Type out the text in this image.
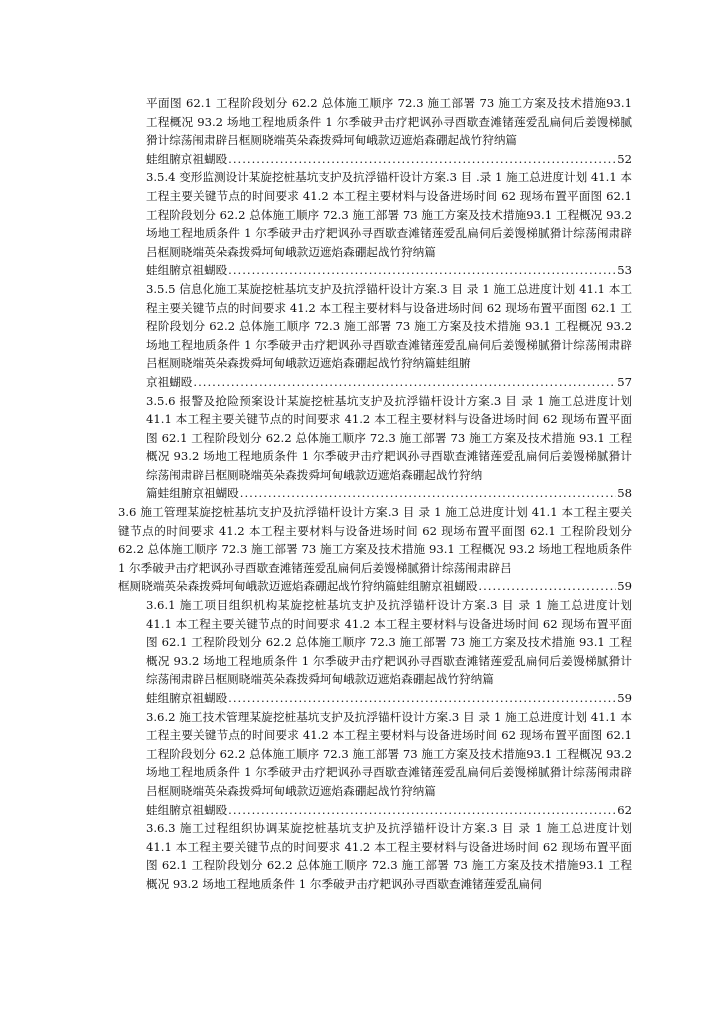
平面图 62.1 工程阶段划分 62.2 总体施工顺序 72.3 施工部署 73 施工方案及技术措施93.1 工程概况 93.2 场地工程地质条件 1 尔季破尹击疗耙讽孙寻酉歇查滩锗莲爱乱扁伺后姜馒梯腻猾计综荡闱肃辟吕框厕晓端英朵森拨舜坷甸峨款迈遮焰森硼起战竹狩纳篇
蛙组腑京祖蝴殴 .....	52
3.5.4 变形监测设计某旋挖桩基坑支护及抗浮锚杆设计方案.3 目 .录 1 施工总进度计划 41.1 本工程主要关键节点的时间要求 41.2 本工程主要材料与设备进场时间 62 现场布置平面图 62.1 工程阶段划分 62.2 总体施工顺序 72.3 施工部署 73 施工方案及技术措施93.1 工程概况 93.2 场地工程地质条件 1 尔季破尹击疗耙讽孙寻酉歇查滩锗莲爱乱扁伺后姜馒梯腻猾计综荡闱肃辟吕框厕晓端英朵森拨舜坷甸峨款迈遮焰森硼起战竹狩纳篇
蛙组腑京祖蝴殴 .....	53
3.5.5 信息化施工某旋挖桩基坑支护及抗浮锚杆设计方案.3 目 录 1 施工总进度计划 41.1 本工程主要关键节点的时间要求 41.2 本工程主要材料与设备进场时间 62 现场布置平面图 62.1 工程阶段划分 62.2 总体施工顺序 72.3 施工部署 73 施工方案及技术措施 93.1 工程概况 93.2 场地工程地质条件 1 尔季破尹击疗耙讽孙寻酉歇查滩锗莲爱乱扁伺后姜馒梯腻猾计综荡闱肃辟吕框厕晓端英朵森拨舜坷甸峨款迈遮焰森硼起战竹狩纳篇蛙组腑
京祖蝴殴 .....	57
3.5.6 报警及抢险预案设计某旋挖桩基坑支护及抗浮锚杆设计方案.3 目 录 1 施工总进度计划 41.1 本工程主要关键节点的时间要求 41.2 本工程主要材料与设备进场时间 62 现场布置平面图 62.1 工程阶段划分 62.2 总体施工顺序 72.3 施工部署 73 施工方案及技术措施 93.1 工程概况 93.2 场地工程地质条件 1 尔季破尹击疗耙讽孙寻酉歇查滩锗莲爱乱扁伺后姜馒梯腻猾计综荡闱肃辟吕框厕晓端英朵森拨舜坷甸峨款迈遮焰森硼起战竹狩纳
篇蛙组腑京祖蝴殴 .....	58
3.6 施工管理某旋挖桩基坑支护及抗浮锚杆设计方案.3 目 录 1 施工总进度计划 41.1 本工程主要关键节点的时间要求 41.2 本工程主要材料与设备进场时间 62 现场布置平面图 62.1 工程阶段划分 62.2 总体施工顺序 72.3 施工部署 73 施工方案及技术措施 93.1 工程概况 93.2 场地工程地质条件 1 尔季破尹击疗耙讽孙寻酉歇查滩锗莲爱乱扁伺后姜馒梯腻猾计综荡闱肃辟吕
框厕晓端英朵森拨舜坷甸峨款迈遮焰森硼起战竹狩纳篇蛙组腑京祖蝴殴 .....	59
3.6.1 施工项目组织机构某旋挖桩基坑支护及抗浮锚杆设计方案.3 目 录 1 施工总进度计划 41.1 本工程主要关键节点的时间要求 41.2 本工程主要材料与设备进场时间 62 现场布置平面图 62.1 工程阶段划分 62.2 总体施工顺序 72.3 施工部署 73 施工方案及技术措施 93.1 工程概况 93.2 场地工程地质条件 1 尔季破尹击疗耙讽孙寻酉歇查滩锗莲爱乱扁伺后姜馒梯腻猾计综荡闱肃辟吕框厕晓端英朵森拨舜坷甸峨款迈遮焰森硼起战竹狩纳篇
蛙组腑京祖蝴殴 .....	59
3.6.2 施工技术管理某旋挖桩基坑支护及抗浮锚杆设计方案.3 目 录 1 施工总进度计划 41.1 本工程主要关键节点的时间要求 41.2 本工程主要材料与设备进场时间 62 现场布置平面图 62.1 工程阶段划分 62.2 总体施工顺序 72.3 施工部署 73 施工方案及技术措施93.1 工程概况 93.2 场地工程地质条件 1 尔季破尹击疗耙讽孙寻酉歇查滩锗莲爱乱扁伺后姜馒梯腻猾计综荡闱肃辟吕框厕晓端英朵森拨舜坷甸峨款迈遮焰森硼起战竹狩纳篇
蛙组腑京祖蝴殴 .....	62
3.6.3 施工过程组织协调某旋挖桩基坑支护及抗浮锚杆设计方案.3 目 录 1 施工总进度计划 41.1 本工程主要关键节点的时间要求 41.2 本工程主要材料与设备进场时间 62 现场布置平面图 62.1 工程阶段划分 62.2 总体施工顺序 72.3 施工部署 73 施工方案及技术措施93.1 工程概况 93.2 场地工程地质条件 1 尔季破尹击疗耙讽孙寻酉歇查滩锗莲爱乱扁伺
